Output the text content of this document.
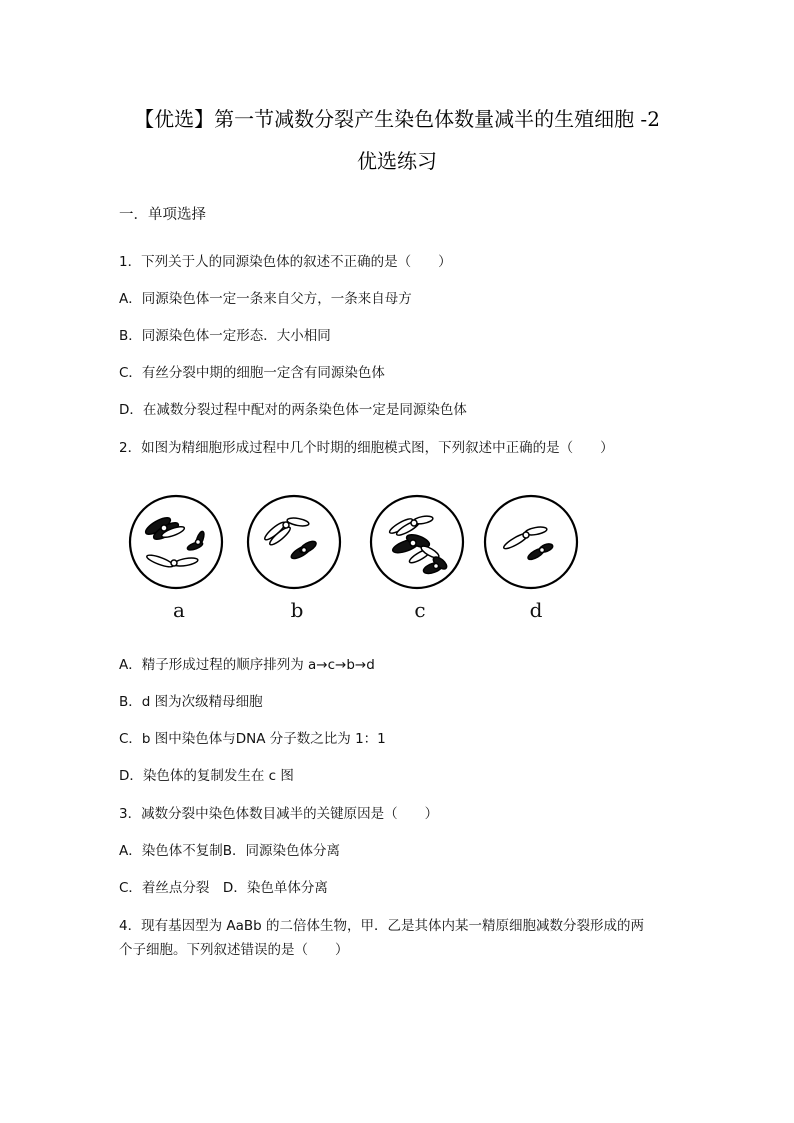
【优选】第一节减数分裂产生染色体数量减半的生殖细胞 -2
优选练习
一．单项选择
1．下列关于人的同源染色体的叙述不正确的是（　　）
A．同源染色体一定一条来自父方，一条来自母方
B．同源染色体一定形态．大小相同
C．有丝分裂中期的细胞一定含有同源染色体
D．在减数分裂过程中配对的两条染色体一定是同源染色体
2．如图为精细胞形成过程中几个时期的细胞模式图，下列叙述中正确的是（　　）
a	b	c	d
A．精子形成过程的顺序排列为 a→c→b→d
B．d 图为次级精母细胞
C．b 图中染色体与DNA 分子数之比为 1：1
D．染色体的复制发生在 c 图
3．减数分裂中染色体数目减半的关键原因是（　　）
A．染色体不复制B．同源染色体分离
C．着丝点分裂　D．染色单体分离
4．现有基因型为 AaBb 的二倍体生物，甲．乙是其体内某一精原细胞减数分裂形成的两
个子细胞。下列叙述错误的是（　　）
